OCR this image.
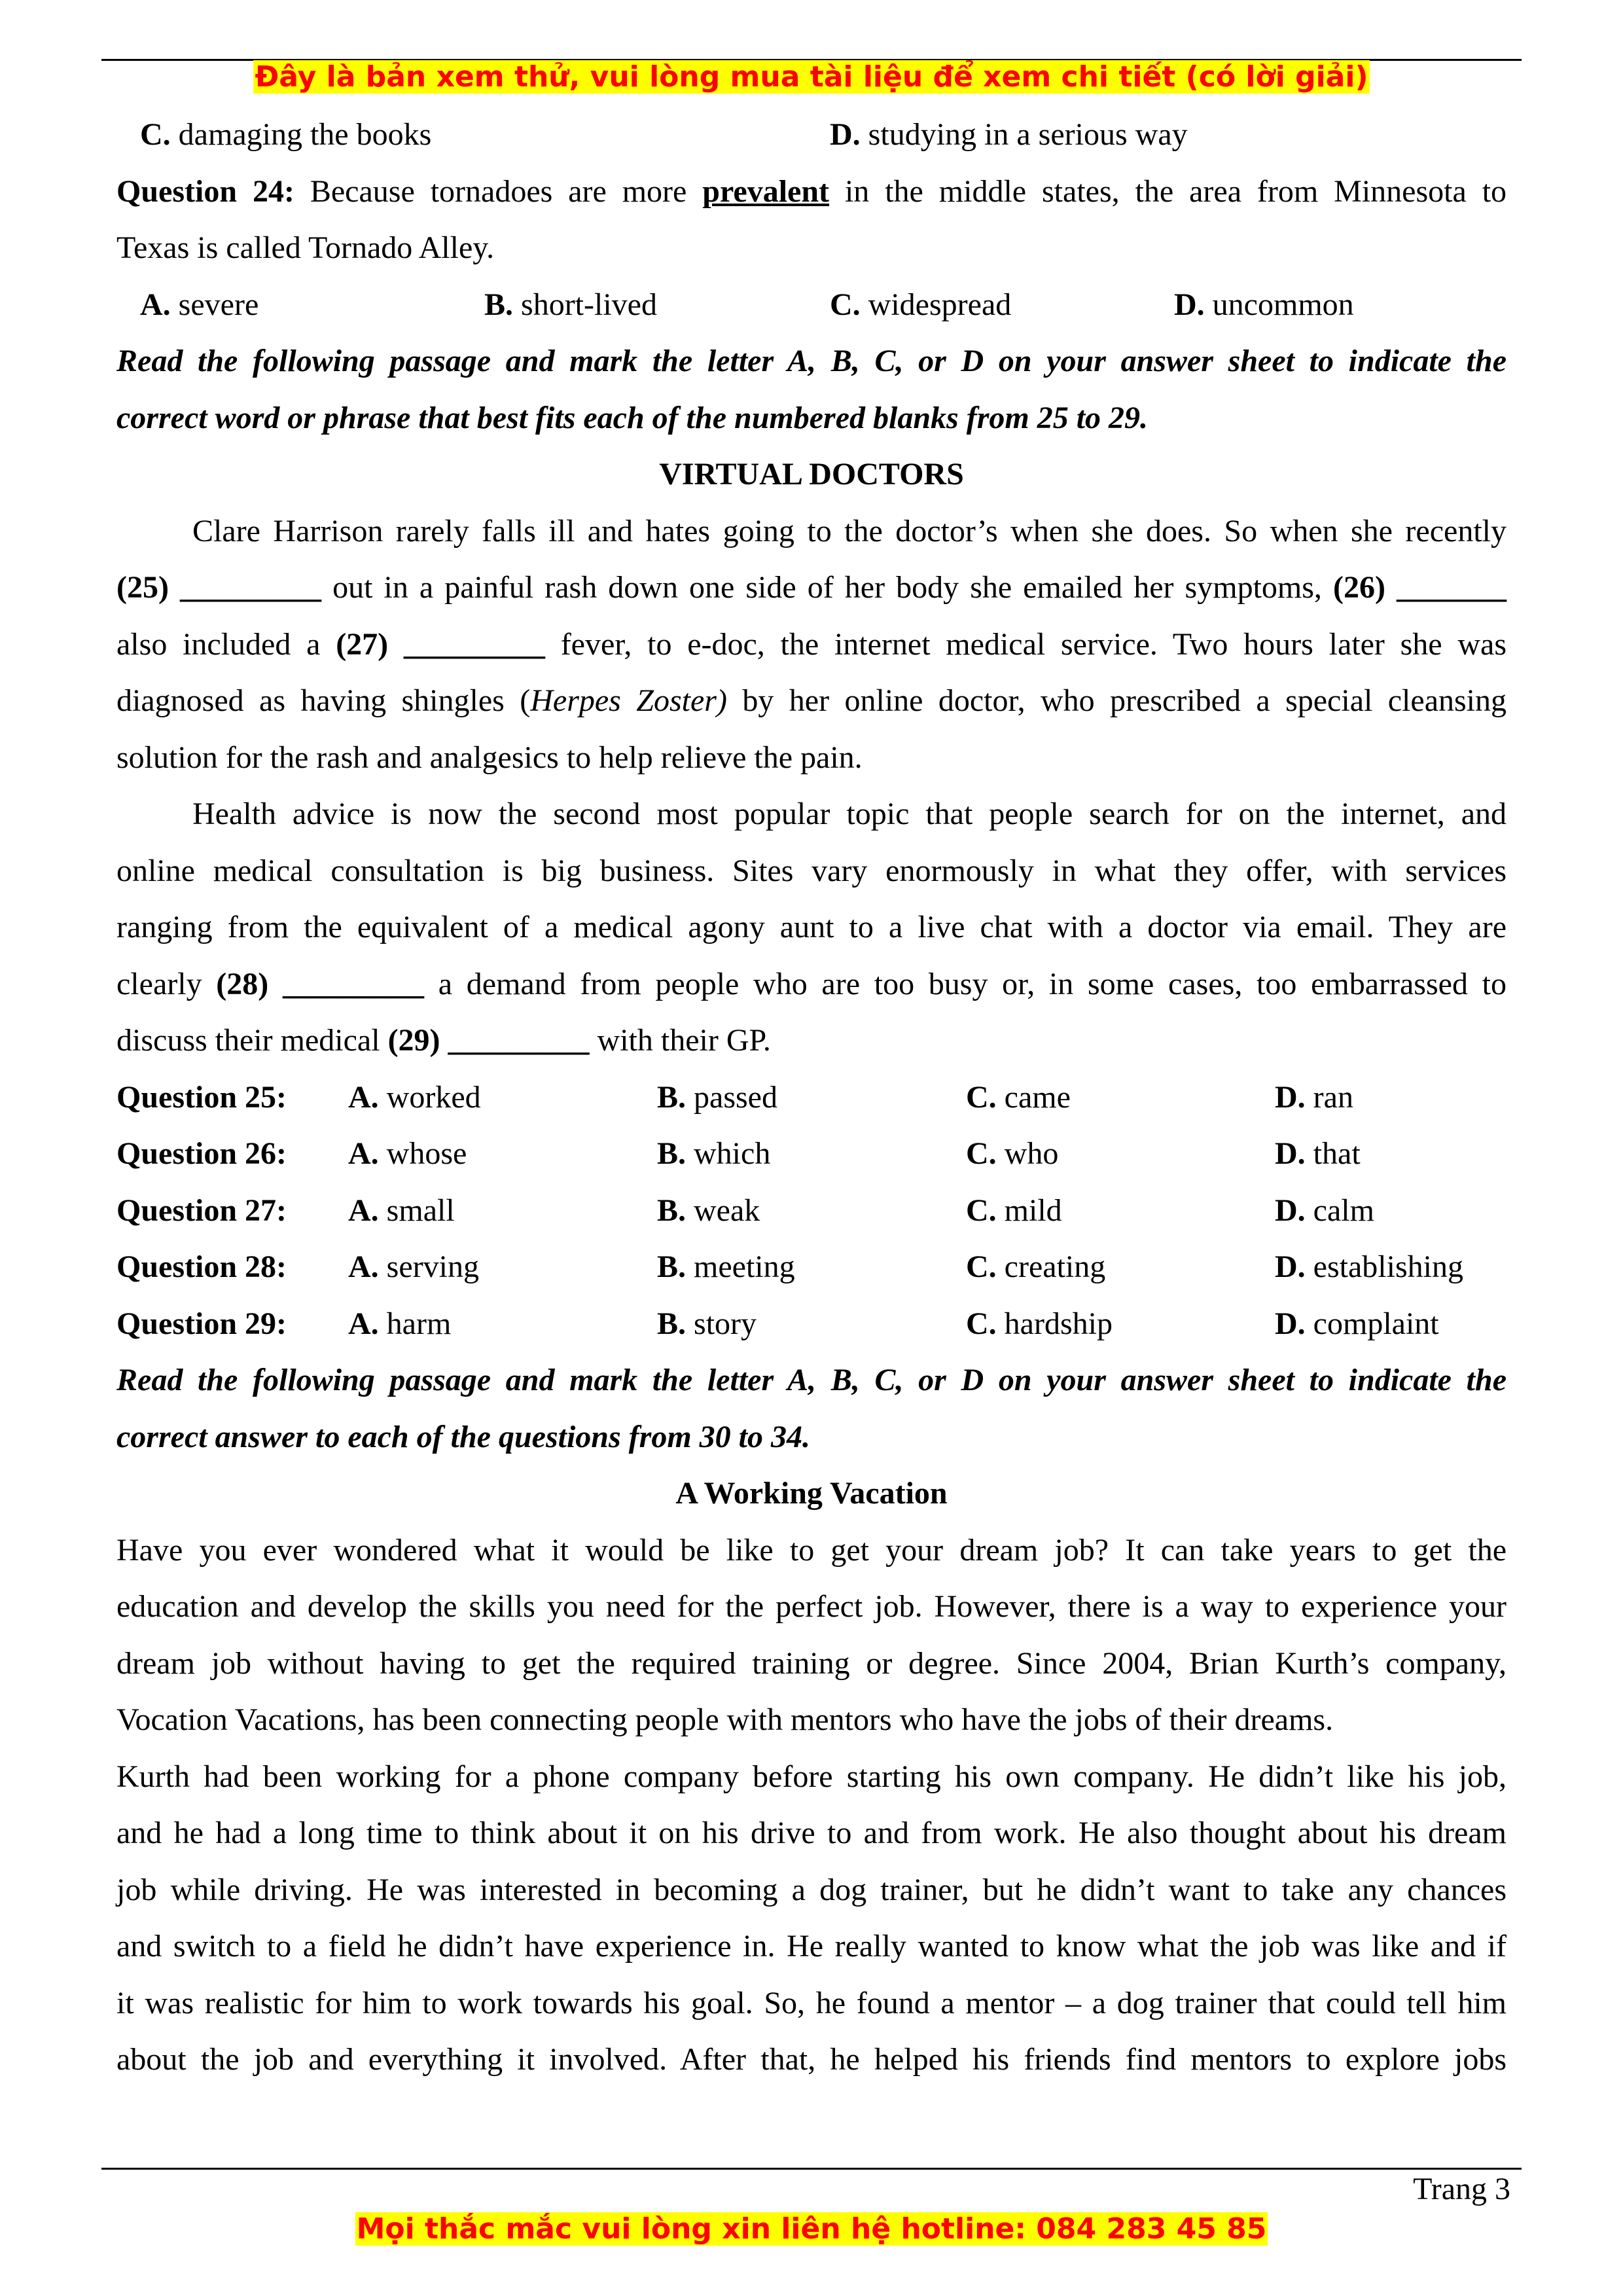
Đây là bản xem thử, vui lòng mua tài liệu để xem chi tiết (có lời giải)
C. damaging the books	D. studying in a serious way
Question 24: Because tornadoes are more prevalent in the middle states, the area from Minnesota to
Texas is called Tornado Alley.
A. severe	B. short-lived	C. widespread	D. uncommon
Read the following passage and mark the letter A, B, C, or D on your answer sheet to indicate the
correct word or phrase that best fits each of the numbered blanks from 25 to 29.
VIRTUAL DOCTORS
Clare Harrison rarely falls ill and hates going to the doctor’s when she does. So when she recently
(25) _________ out in a painful rash down one side of her body she emailed her symptoms, (26) _______
also included a (27) _________ fever, to e-doc, the internet medical service. Two hours later she was
diagnosed as having shingles (Herpes Zoster) by her online doctor, who prescribed a special cleansing
solution for the rash and analgesics to help relieve the pain.
Health advice is now the second most popular topic that people search for on the internet, and
online medical consultation is big business. Sites vary enormously in what they offer, with services
ranging from the equivalent of a medical agony aunt to a live chat with a doctor via email. They are
clearly (28) _________ a demand from people who are too busy or, in some cases, too embarrassed to
discuss their medical (29) _________ with their GP.
Question 25: A. worked	B. passed	C. came	D. ran
Question 26: A. whose	B. which	C. who	D. that
Question 27: A. small	B. weak	C. mild	D. calm
Question 28: A. serving	B. meeting	C. creating	D. establishing
Question 29: A. harm	B. story	C. hardship	D. complaint
Read the following passage and mark the letter A, B, C, or D on your answer sheet to indicate the
correct answer to each of the questions from 30 to 34.
A Working Vacation
Have you ever wondered what it would be like to get your dream job? It can take years to get the
education and develop the skills you need for the perfect job. However, there is a way to experience your
dream job without having to get the required training or degree. Since 2004, Brian Kurth’s company,
Vocation Vacations, has been connecting people with mentors who have the jobs of their dreams.
Kurth had been working for a phone company before starting his own company. He didn’t like his job,
and he had a long time to think about it on his drive to and from work. He also thought about his dream
job while driving. He was interested in becoming a dog trainer, but he didn’t want to take any chances
and switch to a field he didn’t have experience in. He really wanted to know what the job was like and if
it was realistic for him to work towards his goal. So, he found a mentor – a dog trainer that could tell him
about the job and everything it involved. After that, he helped his friends find mentors to explore jobs
Trang 3
Mọi thắc mắc vui lòng xin liên hệ hotline: 084 283 45 85
